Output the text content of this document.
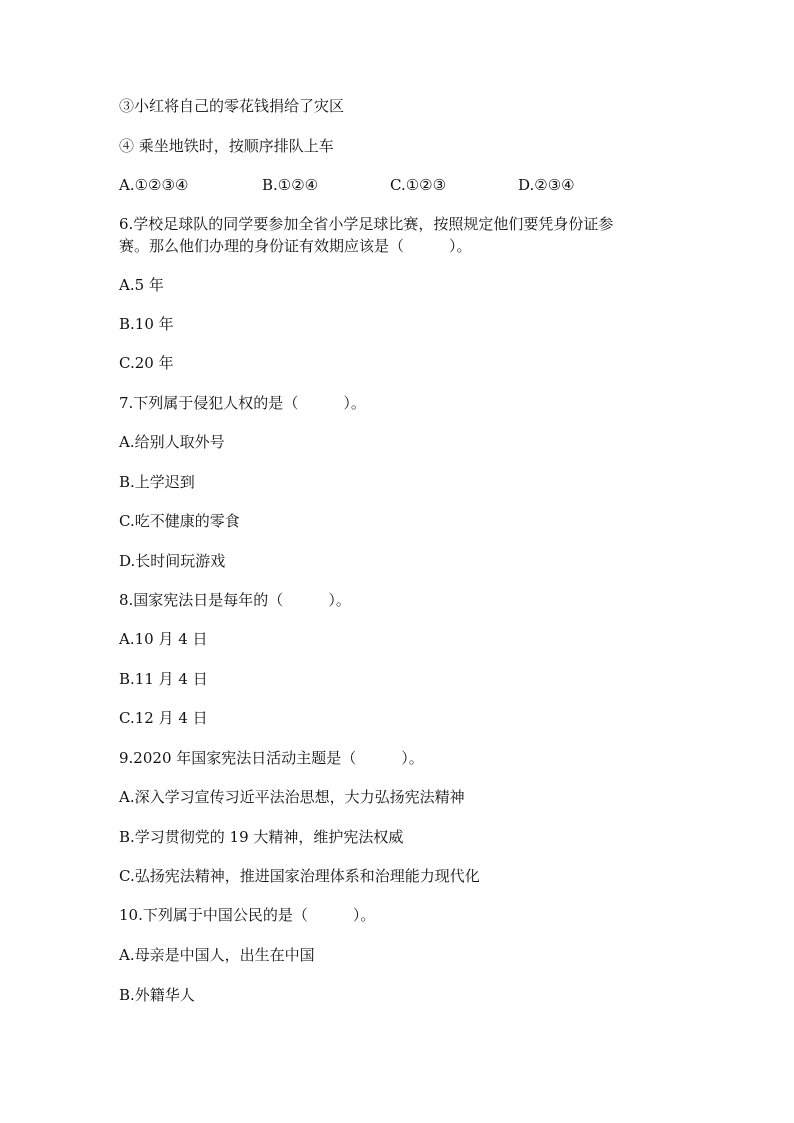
③小红将自己的零花钱捐给了灾区
④ 乘坐地铁时，按顺序排队上车
A.①②③④	B.①②④	C.①②③	D.②③④
6.学校足球队的同学要参加全省小学足球比赛，按照规定他们要凭身份证参
赛。那么他们办理的身份证有效期应该是（　　　）。
A.5 年
B.10 年
C.20 年
7.下列属于侵犯人权的是（　　　）。
A.给别人取外号
B.上学迟到
C.吃不健康的零食
D.长时间玩游戏
8.国家宪法日是每年的（　　　）。
A.10 月 4 日
B.11 月 4 日
C.12 月 4 日
9.2020 年国家宪法日活动主题是（　　　）。
A.深入学习宣传习近平法治思想，大力弘扬宪法精神
B.学习贯彻党的 19 大精神，维护宪法权威
C.弘扬宪法精神，推进国家治理体系和治理能力现代化
10.下列属于中国公民的是（　　　）。
A.母亲是中国人，出生在中国
B.外籍华人
